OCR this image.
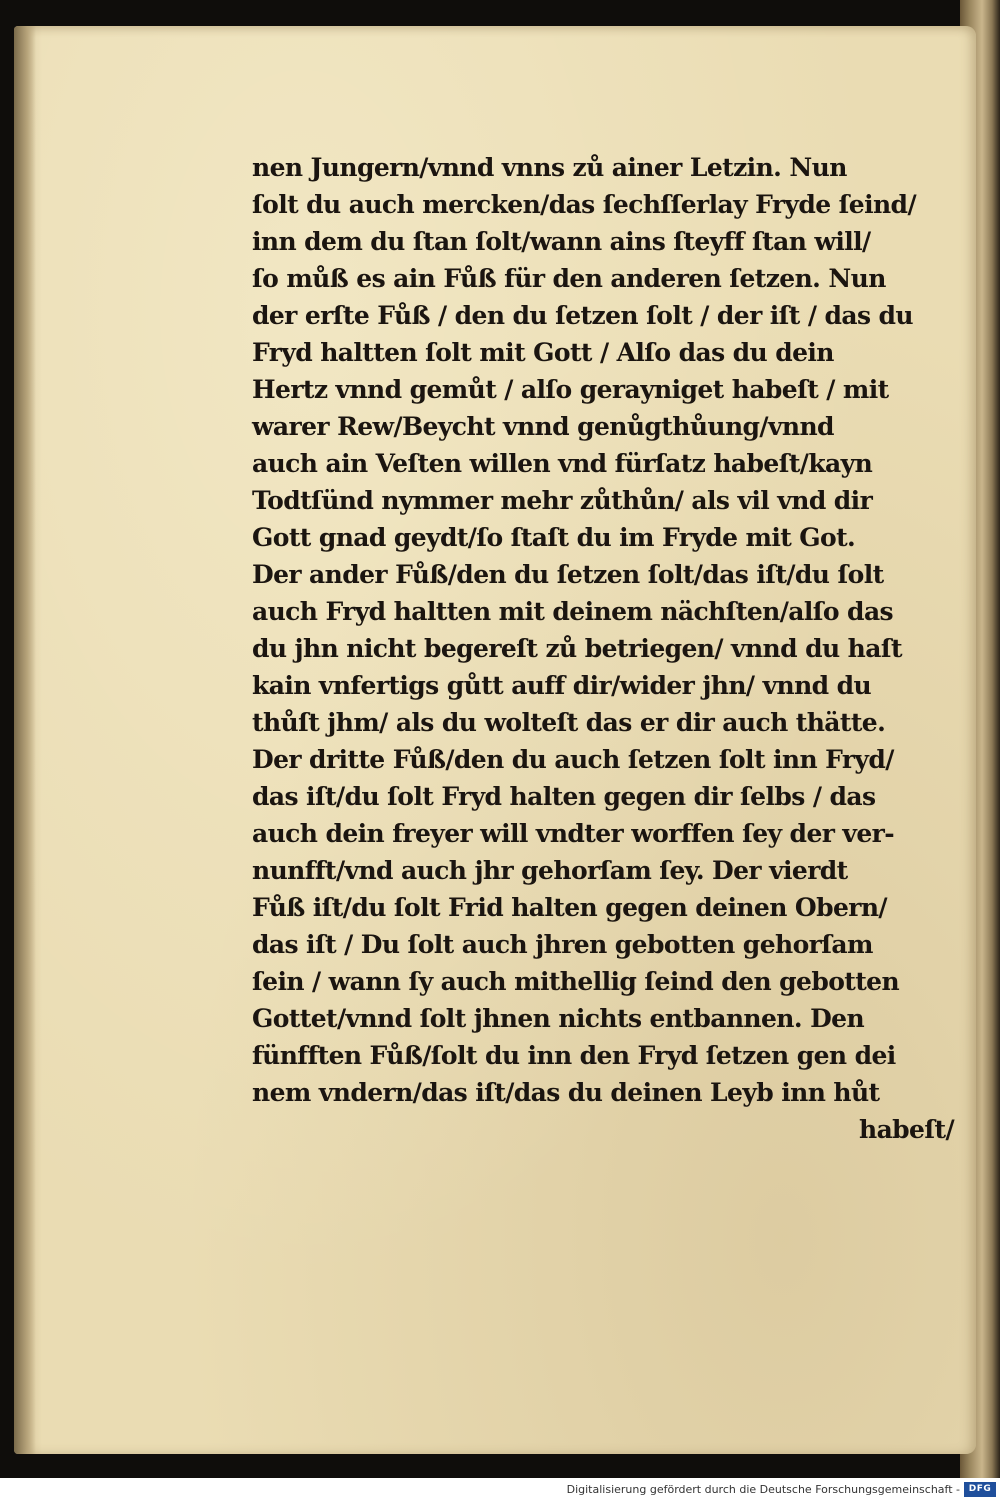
nen Jungern/vnnd vnns zů ainer Letzin. Nun
ſolt du auch mercken/das ſechſſerlay Fryde ſeind/
inn dem du ſtan ſolt/wann ains ſteyff ſtan will/
ſo můß es ain Fůß für den anderen ſetzen. Nun
der erſte Fůß / den du ſetzen ſolt / der iſt / das du
Fryd haltten ſolt mit Gott / Alſo das du dein
Hertz vnnd gemůt / alſo gerayniget habeſt / mit
warer Rew/Beycht vnnd genůgthůung/vnnd
auch ain Veſten willen vnd fürſatz habeſt/kayn
Todtſünd nymmer mehr zůthůn/ als vil vnd dir
Gott gnad geydt/ſo ſtaſt du im Fryde mit Got.
Der ander Fůß/den du ſetzen ſolt/das iſt/du ſolt
auch Fryd haltten mit deinem nächſten/alſo das
du jhn nicht begereſt zů betriegen/ vnnd du haſt
kain vnfertigs gůtt auff dir/wider jhn/ vnnd du
thůſt jhm/ als du wolteſt das er dir auch thätte.
Der dritte Fůß/den du auch ſetzen ſolt inn Fryd/
das iſt/du ſolt Fryd halten gegen dir ſelbs / das
auch dein freyer will vndter worffen ſey der ver-
nunfft/vnd auch jhr gehorſam ſey. Der vierdt
Fůß iſt/du ſolt Frid halten gegen deinen Obern/
das iſt / Du ſolt auch jhren gebotten gehorſam
ſein / wann ſy auch mithellig ſeind den gebotten
Gottet/vnnd ſolt jhnen nichts entbannen. Den
fünfften Fůß/ſolt du inn den Fryd ſetzen gen dei
nem vndern/das iſt/das du deinen Leyb inn hůt
habeſt/
Digitalisierung gefördert durch die Deutsche Forschungsgemeinschaft - DFG
